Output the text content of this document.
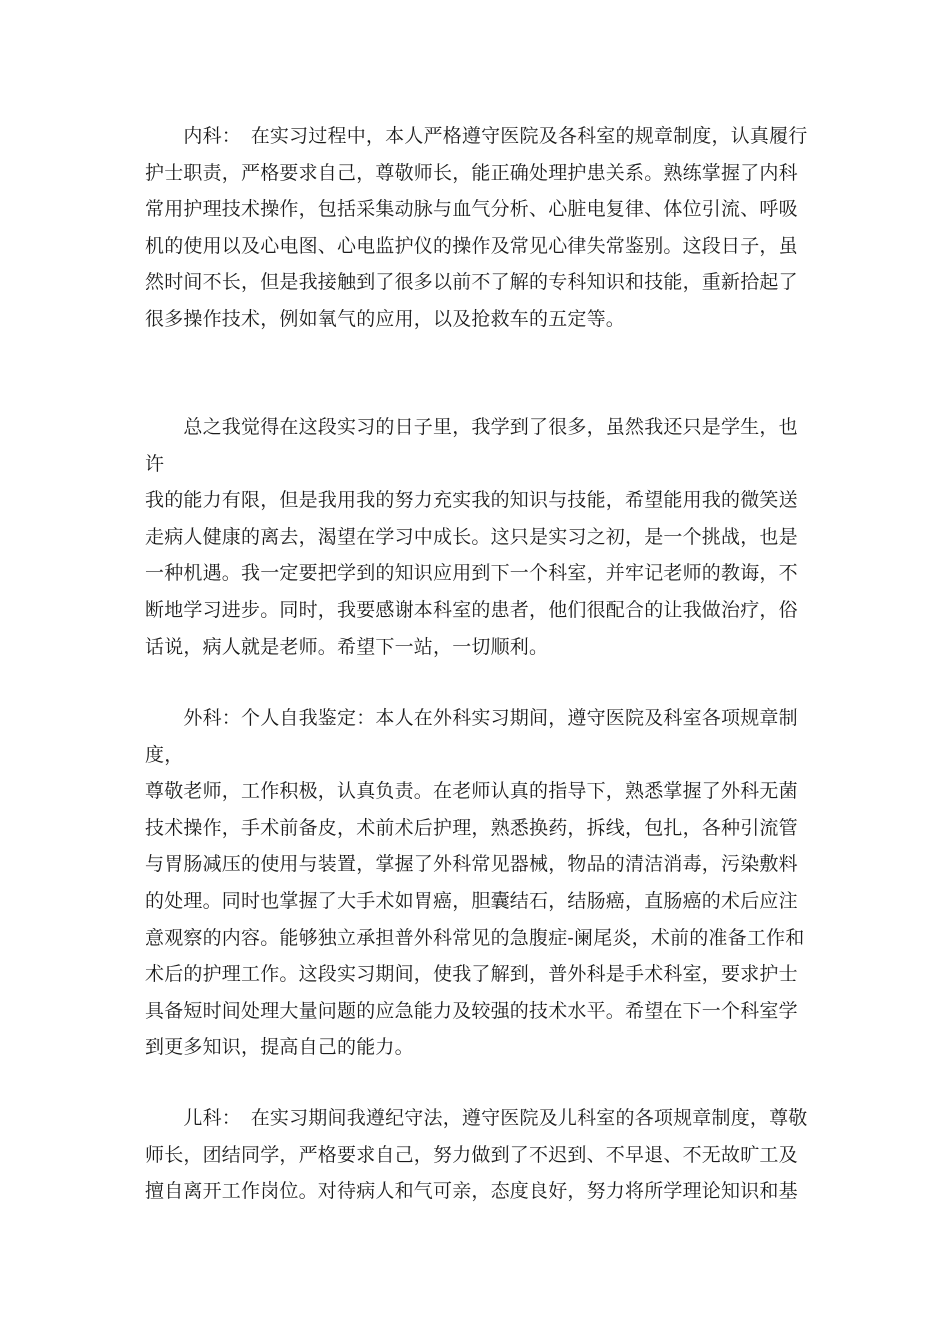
　　内科：　在实习过程中，本人严格遵守医院及各科室的规章制度，认真履行
护士职责，严格要求自己，尊敬师长，能正确处理护患关系。熟练掌握了内科
常用护理技术操作，包括采集动脉与血气分析、心脏电复律、体位引流、呼吸
机的使用以及心电图、心电监护仪的操作及常见心律失常鉴别。这段日子，虽
然时间不长，但是我接触到了很多以前不了解的专科知识和技能，重新拾起了
很多操作技术，例如氧气的应用，以及抢救车的五定等。

　　总之我觉得在这段实习的日子里，我学到了很多，虽然我还只是学生，也许
我的能力有限，但是我用我的努力充实我的知识与技能，希望能用我的微笑送
走病人健康的离去，渴望在学习中成长。这只是实习之初，是一个挑战，也是
一种机遇。我一定要把学到的知识应用到下一个科室，并牢记老师的教诲，不
断地学习进步。同时，我要感谢本科室的患者，他们很配合的让我做治疗，俗
话说，病人就是老师。希望下一站，一切顺利。

　　外科：个人自我鉴定：本人在外科实习期间，遵守医院及科室各项规章制度，
尊敬老师，工作积极，认真负责。在老师认真的指导下，熟悉掌握了外科无菌
技术操作，手术前备皮，术前术后护理，熟悉换药，拆线，包扎，各种引流管
与胃肠减压的使用与装置，掌握了外科常见器械，物品的清洁消毒，污染敷料
的处理。同时也掌握了大手术如胃癌，胆囊结石，结肠癌，直肠癌的术后应注
意观察的内容。能够独立承担普外科常见的急腹症-阑尾炎，术前的准备工作和
术后的护理工作。这段实习期间，使我了解到，普外科是手术科室，要求护士
具备短时间处理大量问题的应急能力及较强的技术水平。希望在下一个科室学
到更多知识，提高自己的能力。

　　儿科：　在实习期间我遵纪守法，遵守医院及儿科室的各项规章制度，尊敬
师长，团结同学，严格要求自己，努力做到了不迟到、不早退、不无故旷工及
擅自离开工作岗位。对待病人和气可亲，态度良好，努力将所学理论知识和基
